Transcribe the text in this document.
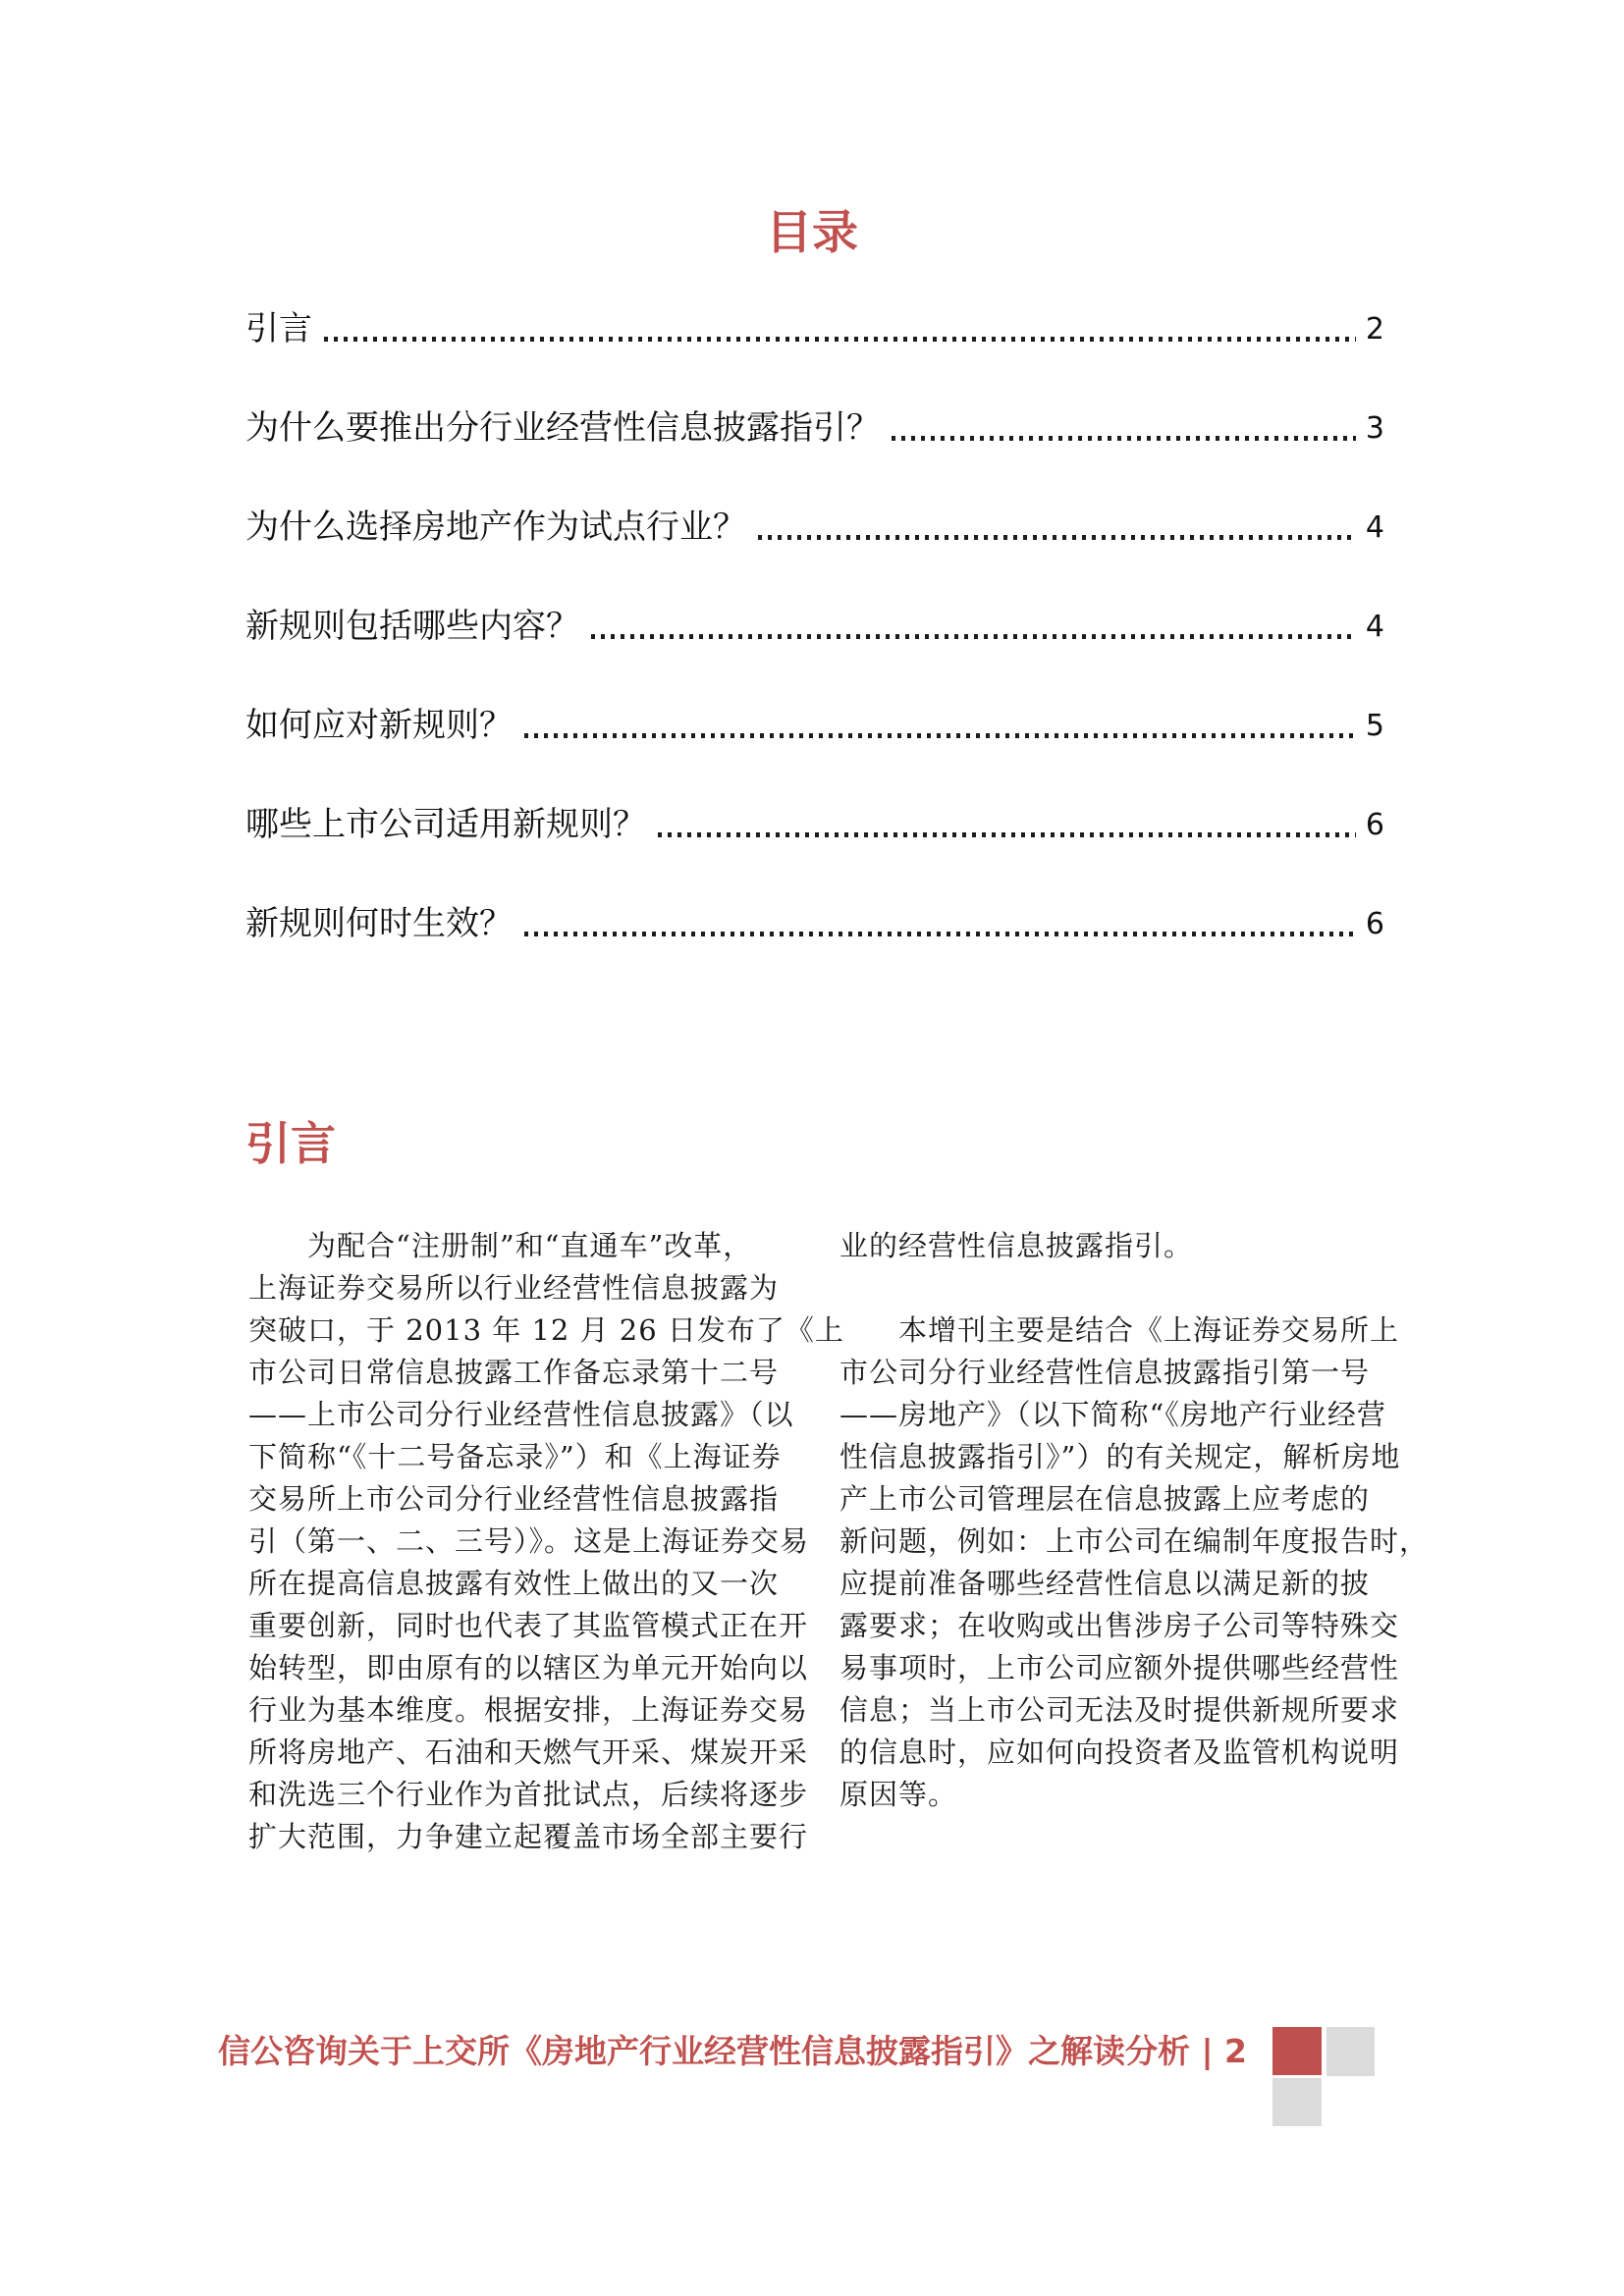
目录
引言	2
为什么要推出分行业经营性信息披露指引？	3
为什么选择房地产作为试点行业？	4
新规则包括哪些内容？	4
如何应对新规则？	5
哪些上市公司适用新规则？	6
新规则何时生效？	6
引言
　　为配合“注册制”和“直通车”改革，
上海证券交易所以行业经营性信息披露为
突破口，于 2013 年 12 月 26 日发布了《上
市公司日常信息披露工作备忘录第十二号
——上市公司分行业经营性信息披露》（以
下简称“《十二号备忘录》”）和《上海证券
交易所上市公司分行业经营性信息披露指
引（第一、二、三号）》。这是上海证券交易
所在提高信息披露有效性上做出的又一次
重要创新，同时也代表了其监管模式正在开
始转型，即由原有的以辖区为单元开始向以
行业为基本维度。根据安排，上海证券交易
所将房地产、石油和天燃气开采、煤炭开采
和洗选三个行业作为首批试点，后续将逐步
扩大范围，力争建立起覆盖市场全部主要行
业的经营性信息披露指引。
　　本增刊主要是结合《上海证券交易所上
市公司分行业经营性信息披露指引第一号
——房地产》（以下简称“《房地产行业经营
性信息披露指引》”）的有关规定，解析房地
产上市公司管理层在信息披露上应考虑的
新问题，例如：上市公司在编制年度报告时，
应提前准备哪些经营性信息以满足新的披
露要求；在收购或出售涉房子公司等特殊交
易事项时，上市公司应额外提供哪些经营性
信息；当上市公司无法及时提供新规所要求
的信息时，应如何向投资者及监管机构说明
原因等。
信公咨询关于上交所《房地产行业经营性信息披露指引》之解读分析 | 2
